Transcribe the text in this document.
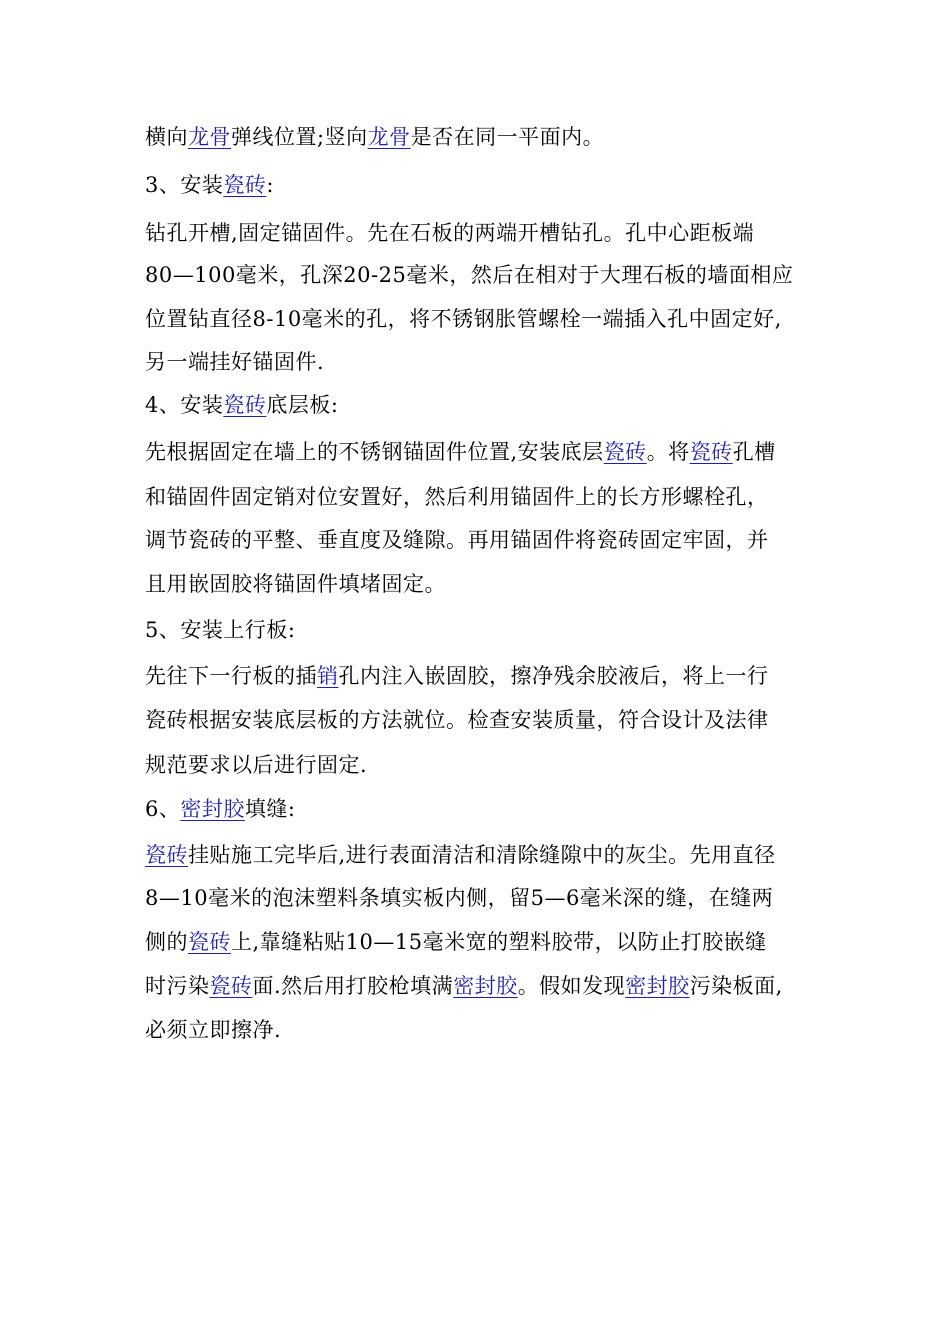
横向龙骨弹线位置;竖向龙骨是否在同一平面内。
3、安装瓷砖:
钻孔开槽,固定锚固件。先在石板的两端开槽钻孔。孔中心距板端
80—100毫米，孔深20-25毫米，然后在相对于大理石板的墙面相应
位置钻直径8-10毫米的孔，将不锈钢胀管螺栓一端插入孔中固定好,
另一端挂好锚固件.
4、安装瓷砖底层板:
先根据固定在墙上的不锈钢锚固件位置,安装底层瓷砖。将瓷砖孔槽
和锚固件固定销对位安置好，然后利用锚固件上的长方形螺栓孔，
调节瓷砖的平整、垂直度及缝隙。再用锚固件将瓷砖固定牢固，并
且用嵌固胶将锚固件填堵固定。
5、安装上行板:
先往下一行板的插销孔内注入嵌固胶，擦净残余胶液后，将上一行
瓷砖根据安装底层板的方法就位。检查安装质量，符合设计及法律
规范要求以后进行固定.
6、密封胶填缝:
瓷砖挂贴施工完毕后,进行表面清洁和清除缝隙中的灰尘。先用直径
8—10毫米的泡沫塑料条填实板内侧，留5—6毫米深的缝，在缝两
侧的瓷砖上,靠缝粘贴10—15毫米宽的塑料胶带，以防止打胶嵌缝
时污染瓷砖面.然后用打胶枪填满密封胶。假如发现密封胶污染板面,
必须立即擦净.
